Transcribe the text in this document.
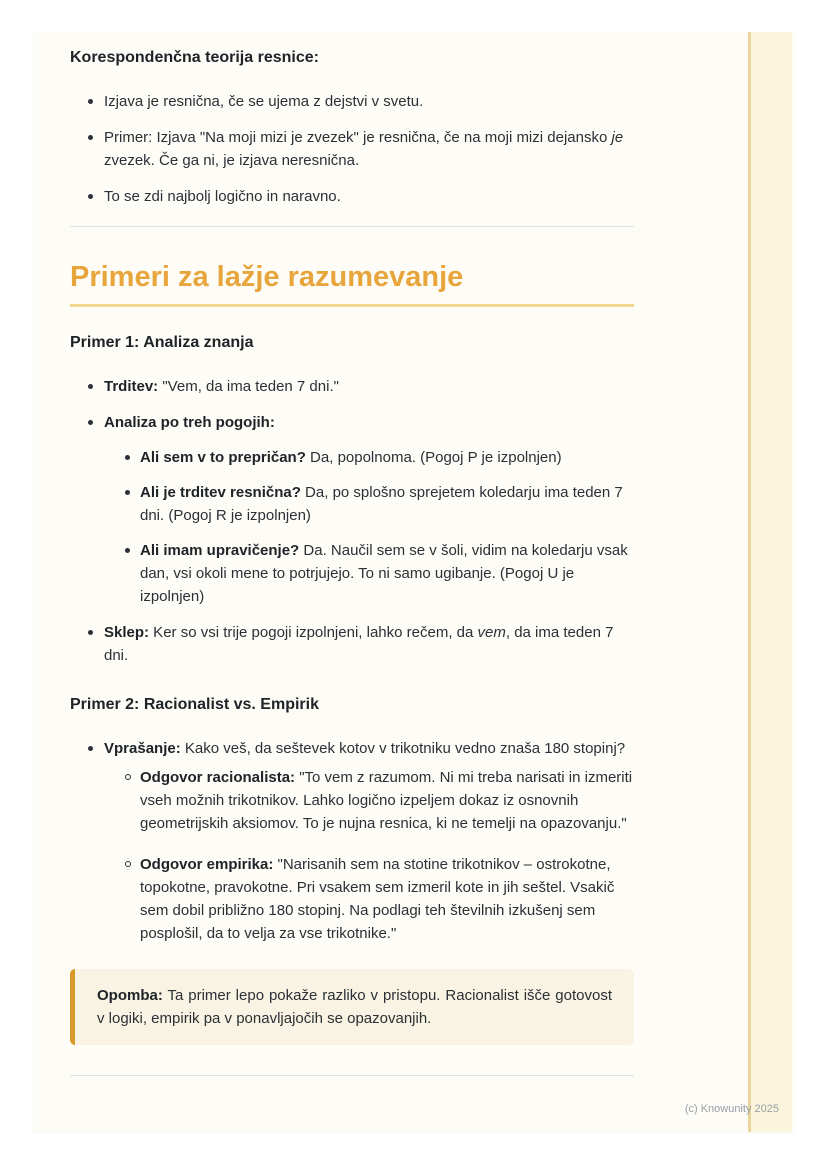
Korespondenčna teorija resnice:
Izjava je resnična, če se ujema z dejstvi v svetu.
Primer: Izjava "Na moji mizi je zvezek" je resnična, če na moji mizi dejansko je zvezek. Če ga ni, je izjava neresnična.
To se zdi najbolj logično in naravno.
Primeri za lažje razumevanje
Primer 1: Analiza znanja
Trditev: "Vem, da ima teden 7 dni."
Analiza po treh pogojih:
Ali sem v to prepričan? Da, popolnoma. (Pogoj P je izpolnjen)
Ali je trditev resnična? Da, po splošno sprejetem koledarju ima teden 7 dni. (Pogoj R je izpolnjen)
Ali imam upravičenje? Da. Naučil sem se v šoli, vidim na koledarju vsak dan, vsi okoli mene to potrjujejo. To ni samo ugibanje. (Pogoj U je izpolnjen)
Sklep: Ker so vsi trije pogoji izpolnjeni, lahko rečem, da vem, da ima teden 7 dni.
Primer 2: Racionalist vs. Empirik
Vprašanje: Kako veš, da seštevek kotov v trikotniku vedno znaša 180 stopinj?
Odgovor racionalista: "To vem z razumom. Ni mi treba narisati in izmeriti vseh možnih trikotnikov. Lahko logično izpeljem dokaz iz osnovnih geometrijskih aksiomov. To je nujna resnica, ki ne temelji na opazovanju."
Odgovor empirika: "Narisanih sem na stotine trikotnikov – ostrokotne, topokotne, pravokotne. Pri vsakem sem izmeril kote in jih seštel. Vsakič sem dobil približno 180 stopinj. Na podlagi teh številnih izkušenj sem posplošil, da to velja za vse trikotnike."
Opomba: Ta primer lepo pokaže razliko v pristopu. Racionalist išče gotovost v logiki, empirik pa v ponavljajočih se opazovanjih.
(c) Knowunity 2025
